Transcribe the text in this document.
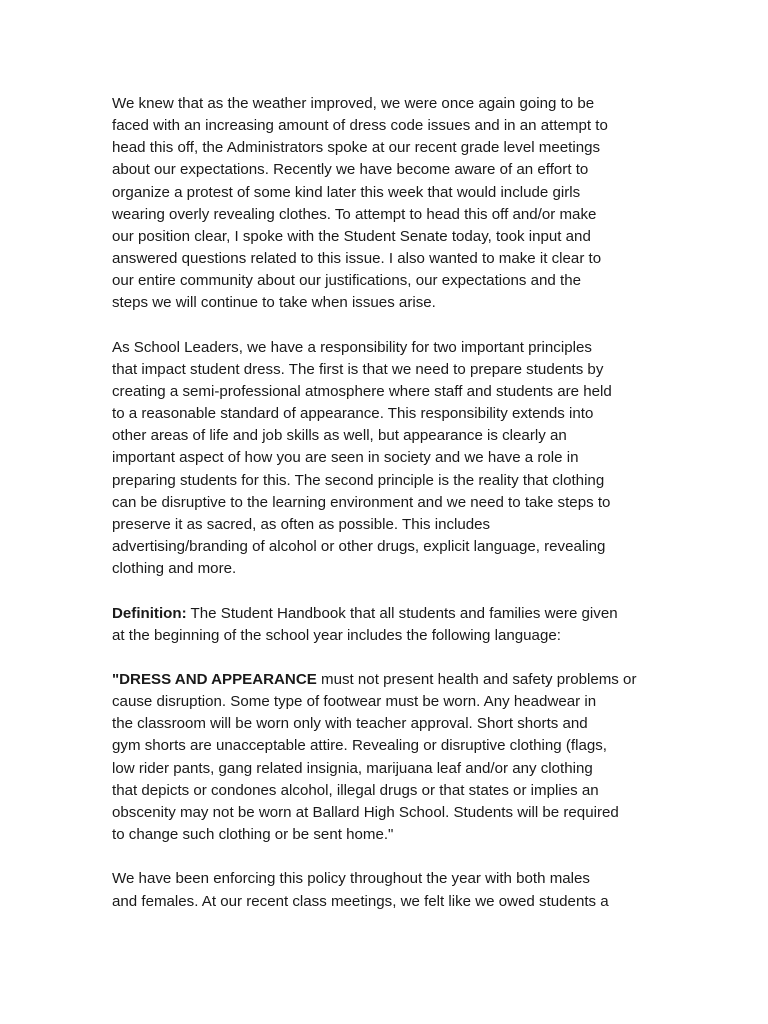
We knew that as the weather improved, we were once again going to be
faced with an increasing amount of dress code issues and in an attempt to
head this off, the Administrators spoke at our recent grade level meetings
about our expectations. Recently we have become aware of an effort to
organize a protest of some kind later this week that would include girls
wearing overly revealing clothes. To attempt to head this off and/or make
our position clear, I spoke with the Student Senate today, took input and
answered questions related to this issue. I also wanted to make it clear to
our entire community about our justifications, our expectations and the
steps we will continue to take when issues arise.

As School Leaders, we have a responsibility for two important principles
that impact student dress. The first is that we need to prepare students by
creating a semi-professional atmosphere where staff and students are held
to a reasonable standard of appearance. This responsibility extends into
other areas of life and job skills as well, but appearance is clearly an
important aspect of how you are seen in society and we have a role in
preparing students for this. The second principle is the reality that clothing
can be disruptive to the learning environment and we need to take steps to
preserve it as sacred, as often as possible. This includes
advertising/branding of alcohol or other drugs, explicit language, revealing
clothing and more.

Definition: The Student Handbook that all students and families were given
at the beginning of the school year includes the following language:

"DRESS AND APPEARANCE must not present health and safety problems or
cause disruption. Some type of footwear must be worn. Any headwear in
the classroom will be worn only with teacher approval. Short shorts and
gym shorts are unacceptable attire. Revealing or disruptive clothing (flags,
low rider pants, gang related insignia, marijuana leaf and/or any clothing
that depicts or condones alcohol, illegal drugs or that states or implies an
obscenity may not be worn at Ballard High School. Students will be required
to change such clothing or be sent home."

We have been enforcing this policy throughout the year with both males
and females. At our recent class meetings, we felt like we owed students a
